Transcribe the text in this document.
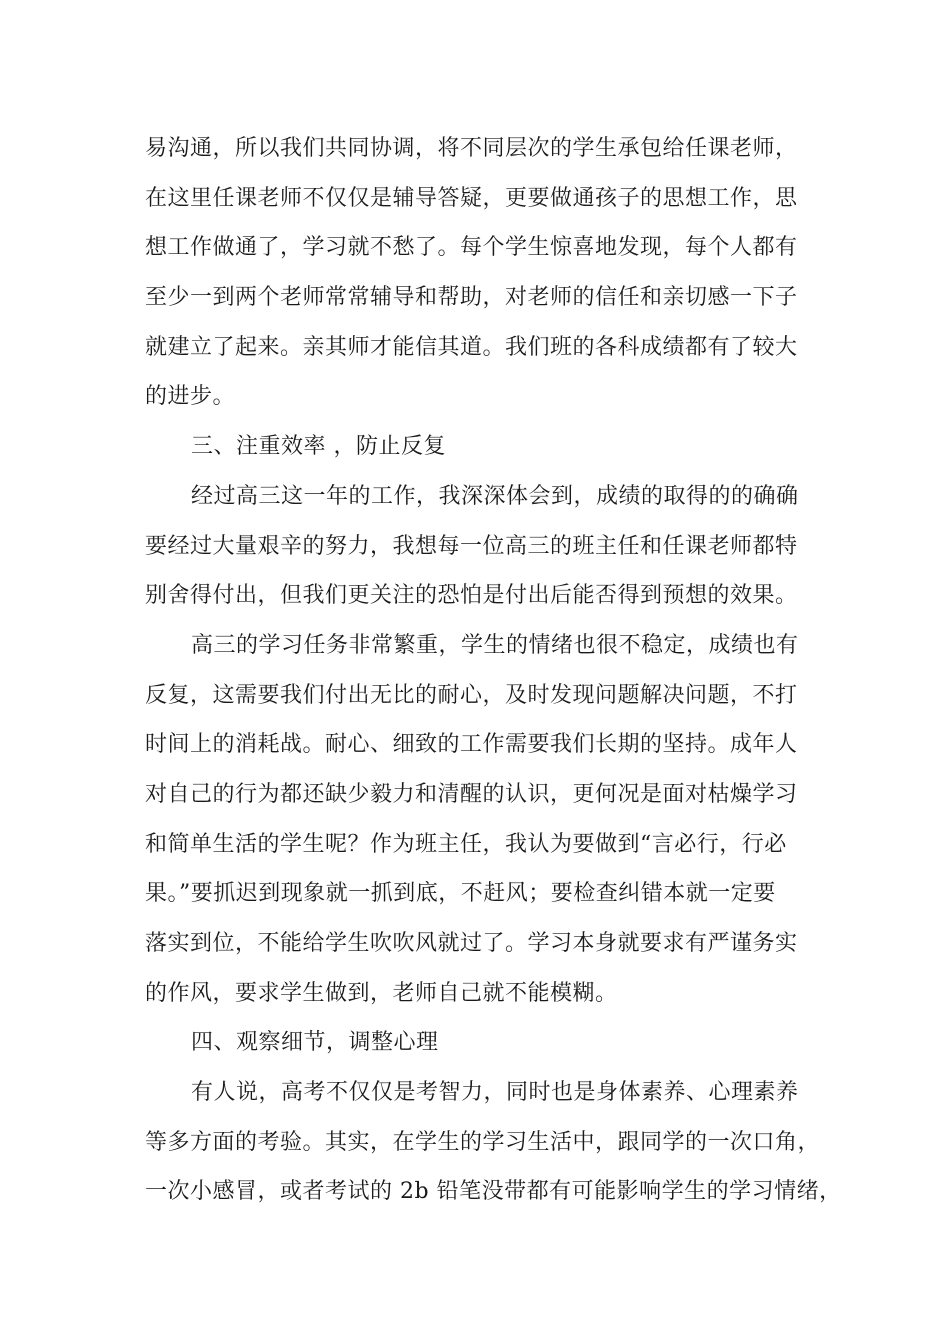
易沟通，所以我们共同协调，将不同层次的学生承包给任课老师，
在这里任课老师不仅仅是辅导答疑，更要做通孩子的思想工作，思
想工作做通了，学习就不愁了。每个学生惊喜地发现，每个人都有
至少一到两个老师常常辅导和帮助，对老师的信任和亲切感一下子
就建立了起来。亲其师才能信其道。我们班的各科成绩都有了较大
的进步。
三、注重效率 ，防止反复
经过高三这一年的工作，我深深体会到，成绩的取得的的确确
要经过大量艰辛的努力，我想每一位高三的班主任和任课老师都特
别舍得付出，但我们更关注的恐怕是付出后能否得到预想的效果。
高三的学习任务非常繁重，学生的情绪也很不稳定，成绩也有
反复，这需要我们付出无比的耐心，及时发现问题解决问题，不打
时间上的消耗战。耐心、细致的工作需要我们长期的坚持。成年人
对自己的行为都还缺少毅力和清醒的认识，更何况是面对枯燥学习
和简单生活的学生呢？作为班主任，我认为要做到“言必行，行必
果。”要抓迟到现象就一抓到底，不赶风；要检查纠错本就一定要
落实到位，不能给学生吹吹风就过了。学习本身就要求有严谨务实
的作风，要求学生做到，老师自己就不能模糊。
四、观察细节，调整心理
有人说，高考不仅仅是考智力，同时也是身体素养、心理素养
等多方面的考验。其实，在学生的学习生活中，跟同学的一次口角，
一次小感冒，或者考试的 2b 铅笔没带都有可能影响学生的学习情绪，
